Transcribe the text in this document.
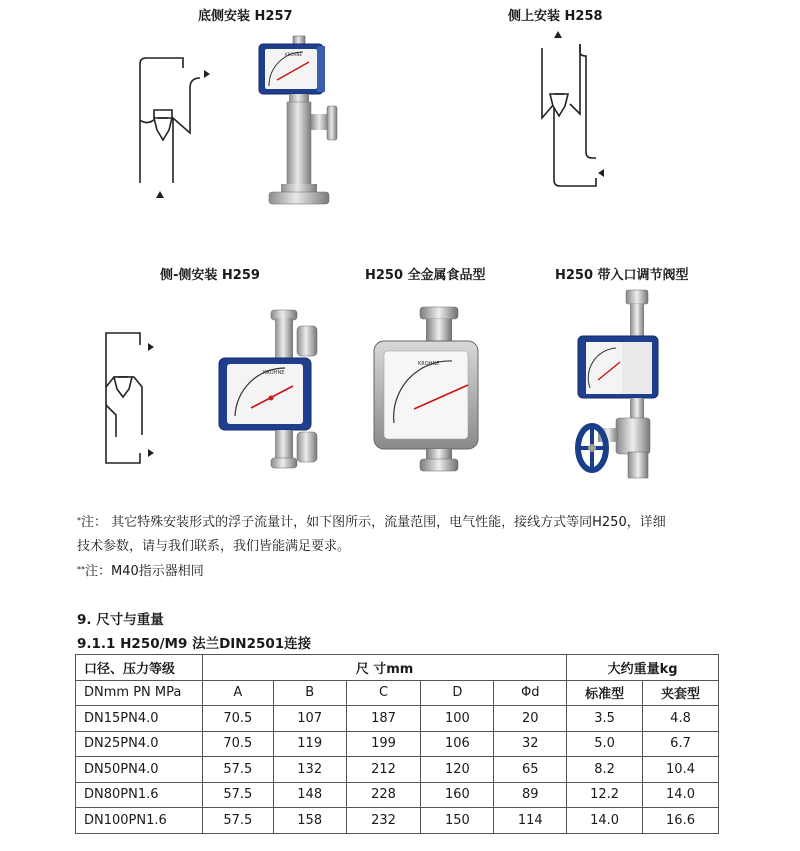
底侧安装 H257	侧上安装 H258
侧-侧安装 H259	H250 全金属食品型	H250 带入口调节阀型
KROHNE
KROHNE
KROHNE
*注： 其它特殊安装形式的浮子流量计，如下图所示，流量范围，电气性能，接线方式等同H250，详细
技术参数，请与我们联系，我们皆能满足要求。
**注：M40指示器相同
9. 尺寸与重量
9.1.1 H250/M9 法兰DIN2501连接
口径、压力等级	尺 寸mm					大约重量kg	
DNmm PN MPa	A	B	C	D	Φd	标准型	夹套型
DN15PN4.0	70.5	107	187	100	20	3.5	4.8
DN25PN4.0	70.5	119	199	106	32	5.0	6.7
DN50PN4.0	57.5	132	212	120	65	8.2	10.4
DN80PN1.6	57.5	148	228	160	89	12.2	14.0
DN100PN1.6	57.5	158	232	150	114	14.0	16.6
